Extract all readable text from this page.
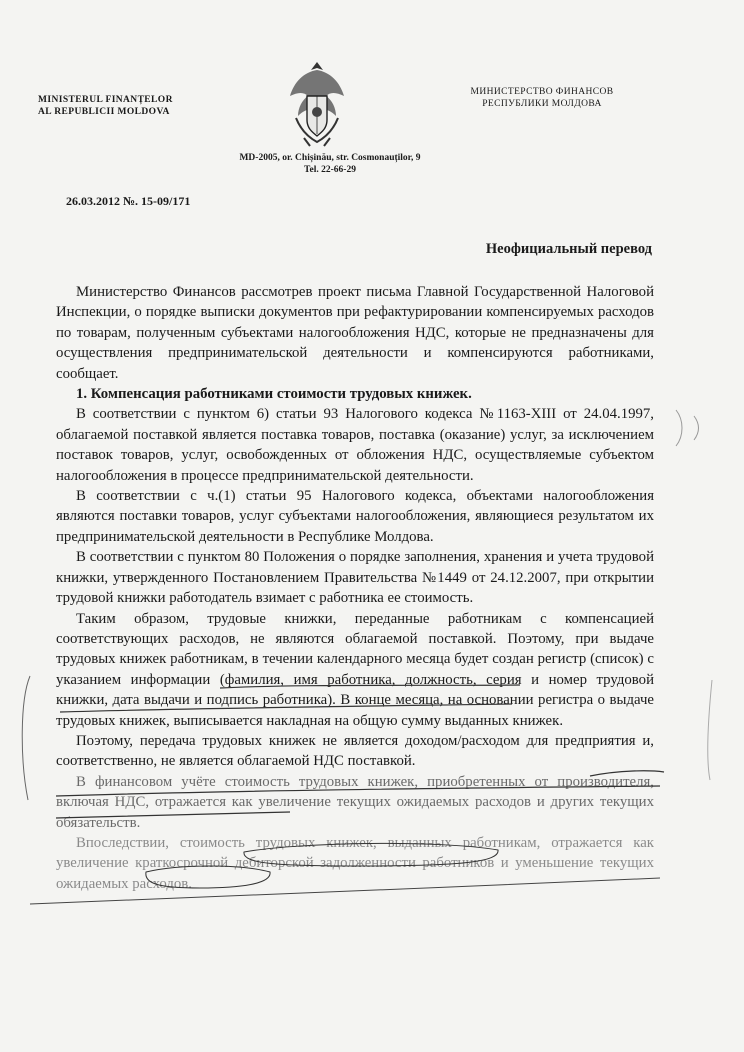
MINISTERUL FINANȚELOR
AL REPUBLICII MOLDOVA
МИНИСТЕРСТВО ФИНАНСОВ
РЕСПУБЛИКИ МОЛДОВА
MD-2005, or. Chișinău, str. Cosmonauților, 9
Tel. 22-66-29
26.03.2012 №. 15-09/171
Неофициальный перевод

Министерство Финансов рассмотрев проект письма Главной Государственной Налоговой Инспекции, о порядке выписки документов при рефактурировании компенсируемых расходов по товарам, полученным субъектами налогообложения НДС, которые не предназначены для осуществления предпринимательской деятельности и компенсируются работниками, сообщает.

1. Компенсация работниками стоимости трудовых книжек.

В соответствии с пунктом 6) статьи 93 Налогового кодекса №1163-XIII от 24.04.1997, облагаемой поставкой является поставка товаров, поставка (оказание) услуг, за исключением поставок товаров, услуг, освобожденных от обложения НДС, осуществляемые субъектом налогообложения в процессе предпринимательской деятельности.

В соответствии с ч.(1) статьи 95 Налогового кодекса, объектами налогообложения являются поставки товаров, услуг субъектами налогообложения, являющиеся результатом их предпринимательской деятельности в Республике Молдова.

В соответствии с пунктом 80 Положения о порядке заполнения, хранения и учета трудовой книжки, утвержденного Постановлением Правительства №1449 от 24.12.2007, при открытии трудовой книжки работодатель взимает с работника ее стоимость.

Таким образом, трудовые книжки, переданные работникам с компенсацией соответствующих расходов, не являются облагаемой поставкой. Поэтому, при выдаче трудовых книжек работникам, в течении календарного месяца будет создан регистр (список) с указанием информации (фамилия, имя работника, должность, серия и номер трудовой книжки, дата выдачи и подпись работника). В конце месяца, на основании регистра о выдаче трудовых книжек, выписывается накладная на общую сумму выданных книжек.

Поэтому, передача трудовых книжек не является доходом/расходом для предприятия и, соответственно, не является облагаемой НДС поставкой.

В финансовом учёте стоимость трудовых книжек, приобретенных от производителя, включая НДС, отражается как увеличение текущих ожидаемых расходов и других текущих обязательств.

Впоследствии, стоимость трудовых книжек, выданных работникам, отражается как увеличение краткосрочной дебиторской задолженности работников и уменьшение текущих ожидаемых расходов.
